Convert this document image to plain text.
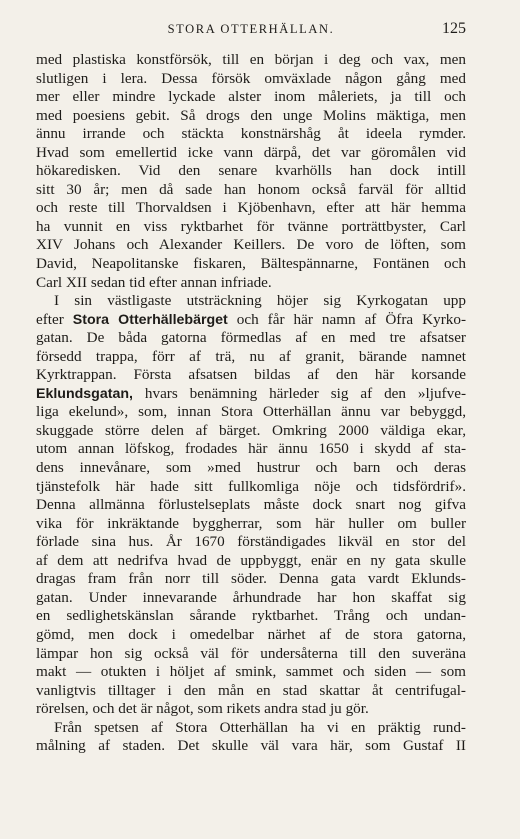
STORA OTTERHÄLLAN.	125
med plastiska konstförsök, till en början i deg och vax, men
slutligen i lera. Dessa försök omväxlade någon gång med
mer eller mindre lyckade alster inom måleriets, ja till och
med poesiens gebit. Så drogs den unge Molins mäktiga, men
ännu irrande och stäckta konstnärshåg åt ideela rymder.
Hvad som emellertid icke vann därpå, det var göromålen vid
hökaredisken. Vid den senare kvarhölls han dock intill
sitt 30 år; men då sade han honom också farväl för alltid
och reste till Thorvaldsen i Kjöbenhavn, efter att här hemma
ha vunnit en viss ryktbarhet för tvänne porträttbyster, Carl
XIV Johans och Alexander Keillers. De voro de löften, som
David, Neapolitanske fiskaren, Bältespännarne, Fontänen och
Carl XII sedan tid efter annan infriade.
I sin västligaste utsträckning höjer sig Kyrkogatan upp
efter Stora Otterhällebärget och får här namn af Öfra Kyrko-
gatan. De båda gatorna förmedlas af en med tre afsatser
försedd trappa, förr af trä, nu af granit, bärande namnet
Kyrktrappan. Första afsatsen bildas af den här korsande
Eklundsgatan, hvars benämning härleder sig af den »ljufve-
liga ekelund», som, innan Stora Otterhällan ännu var bebyggd,
skuggade större delen af bärget. Omkring 2000 väldiga ekar,
utom annan löfskog, frodades här ännu 1650 i skydd af sta-
dens innevånare, som »med hustrur och barn och deras
tjänstefolk här hade sitt fullkomliga nöje och tidsfördrif».
Denna allmänna förlustelseplats måste dock snart nog gifva
vika för inkräktande byggherrar, som här huller om buller
förlade sina hus. År 1670 förständigades likväl en stor del
af dem att nedrifva hvad de uppbyggt, enär en ny gata skulle
dragas fram från norr till söder. Denna gata vardt Eklunds-
gatan. Under innevarande århundrade har hon skaffat sig
en sedlighetskänslan sårande ryktbarhet. Trång och undan-
gömd, men dock i omedelbar närhet af de stora gatorna,
lämpar hon sig också väl för undersåterna till den suveräna
makt — otukten i höljet af smink, sammet och siden — som
vanligtvis tilltager i den mån en stad skattar åt centrifugal-
rörelsen, och det är något, som rikets andra stad ju gör.
Från spetsen af Stora Otterhällan ha vi en präktig rund-
målning af staden. Det skulle väl vara här, som Gustaf II
